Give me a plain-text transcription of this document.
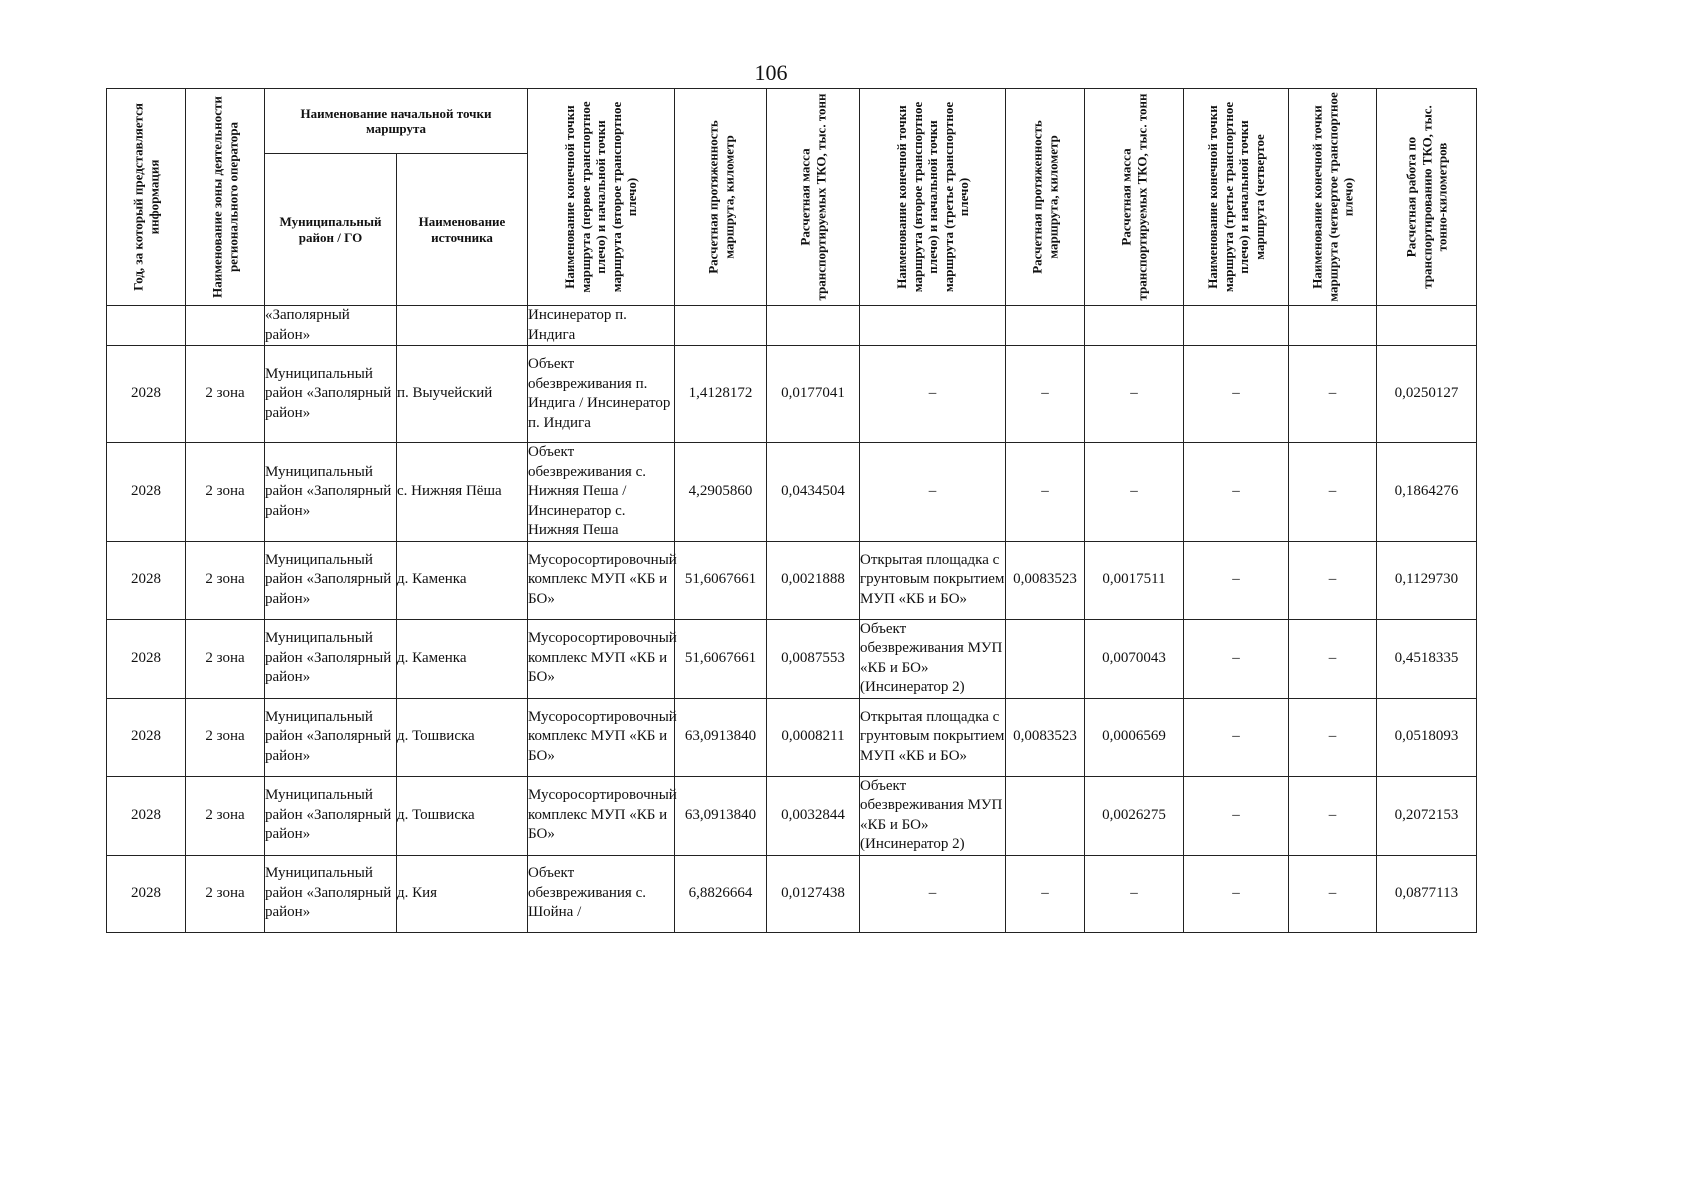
106
Год, за который представляется информация	Наименование зоны деятельности регионального оператора	Наименование начальной точки маршрута		Наименование конечной точки маршрута (первое транспортное плечо) и начальной точки маршрута (второе транспортное плечо)	Расчетная протяженность маршрута, километр	Расчетная масса транспортируемых ТКО, тыс. тонн	Наименование конечной точки маршрута (второе транспортное плечо) и начальной точки маршрута (третье транспортное плечо)	Расчетная протяженность маршрута, километр	Расчетная масса транспортируемых ТКО, тыс. тонн	Наименование конечной точки маршрута (третье транспортное плечо) и начальной точки маршрута (четвертое	Наименование конечной точки маршрута (четвертое транспортное плечо)	Расчетная работа по транспортированию ТКО, тыс. тонно-километров

		Муниципальный район / ГО	Наименование источника									

		«Заполярный район»		Инсинератор п. Индига								
2028	2 зона	Муниципальный район «Заполярный район»	п. Выучейский	Объект обезвреживания п. Индига / Инсинератор п. Индига	1,4128172	0,0177041	–	–	–	–	–	0,0250127
2028	2 зона	Муниципальный район «Заполярный район»	с. Нижняя Пёша	Объект обезвреживания с. Нижняя Пеша / Инсинератор с. Нижняя Пеша	4,2905860	0,0434504	–	–	–	–	–	0,1864276
2028	2 зона	Муниципальный район «Заполярный район»	д. Каменка	Мусоросортировочный комплекс МУП «КБ и БО»	51,6067661	0,0021888	Открытая площадка с грунтовым покрытием МУП «КБ и БО»	0,0083523	0,0017511	–	–	0,1129730
2028	2 зона	Муниципальный район «Заполярный район»	д. Каменка	Мусоросортировочный комплекс МУП «КБ и БО»	51,6067661	0,0087553	Объект обезвреживания МУП «КБ и БО» (Инсинератор 2)		0,0070043	–	–	0,4518335
2028	2 зона	Муниципальный район «Заполярный район»	д. Тошвиска	Мусоросортировочный комплекс МУП «КБ и БО»	63,0913840	0,0008211	Открытая площадка с грунтовым покрытием МУП «КБ и БО»	0,0083523	0,0006569	–	–	0,0518093
2028	2 зона	Муниципальный район «Заполярный район»	д. Тошвиска	Мусоросортировочный комплекс МУП «КБ и БО»	63,0913840	0,0032844	Объект обезвреживания МУП «КБ и БО» (Инсинератор 2)		0,0026275	–	–	0,2072153
2028	2 зона	Муниципальный район «Заполярный район»	д. Кия	Объект обезвреживания с. Шойна /	6,8826664	0,0127438	–	–	–	–	–	0,0877113
